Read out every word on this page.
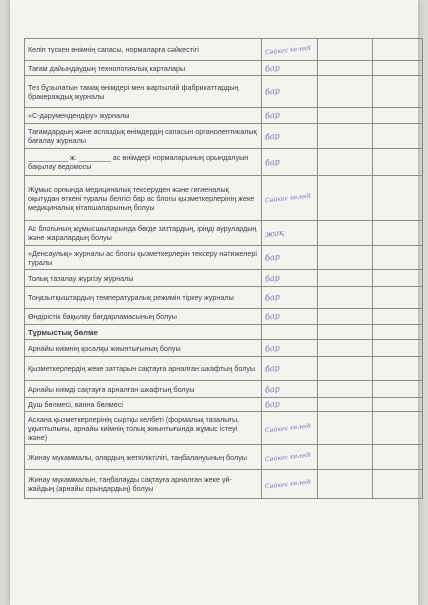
Келіп түскен өнімнің сапасы, нормаларға сәйкестігі	Сәйкес келеді		
Тағам дайындаудың технологиялық карталары	бар		
Тез бұзылатын тамақ өнімдері мен жартылай фабрикаттардың бракераждық журналы	бар		
«С-дәрумендендіру» журналы	бар		
Тағамдардың және аспаздық өнімдердің сапасын органолептикалық бағалау журналы	бар		
__________ ж. ________ ас өнімдері нормаларының орындалуын бақылау ведомосы	бар		
Жұмыс орнында медициналық тексеруден және гигиеналық оқытудан өткені туралы белгісі бар ас блогы қызметкерлерінің жеке медициналық кітапшаларының болуы	Сәйкес келеді		
Ас блогының жұмысшыларында бөгде заттардың, іріңді аурулардың және жаралардың болуы	жоқ		
«Денсаулық» журналы ас блогы қызметкерлерін тексеру нәтижелері туралы	бар		
Толық тазалау жүргізу журналы	бар		
Тоңазытқыштардың температуралық режимін тіркеу журналы	бар		
Өндірістік бақылау бағдарламасының болуы	бар		
Тұрмыстық бөлме			
Арнайы киімнің қосалқы жиынтығының болуы	бар		
Қызметкерлердің жеке заттарын сақтауға арналған шкафтың болуы	бар		
Арнайы киімді сақтауға арналған шкафтың болуы	бар		
Душ бөлмесі, ванна бөлмесі	бар		
Асхана қызметкерлерінің сыртқы келбеті (формалық тазалығы, ұқыптылығы, арнайы киімнің толық жиынтығында жұмыс істеуі және)	Сәйкес келеді		
Жинау мүкаммалы, олардың жеткіліктілігі, таңбалануының болуы	Сәйкес келеді		
Жинау мүкаммалын, таңбалауды сақтауға арналған жеке үй-жайдың (арнайы орындардың) болуы	Сәйкес келеді		
